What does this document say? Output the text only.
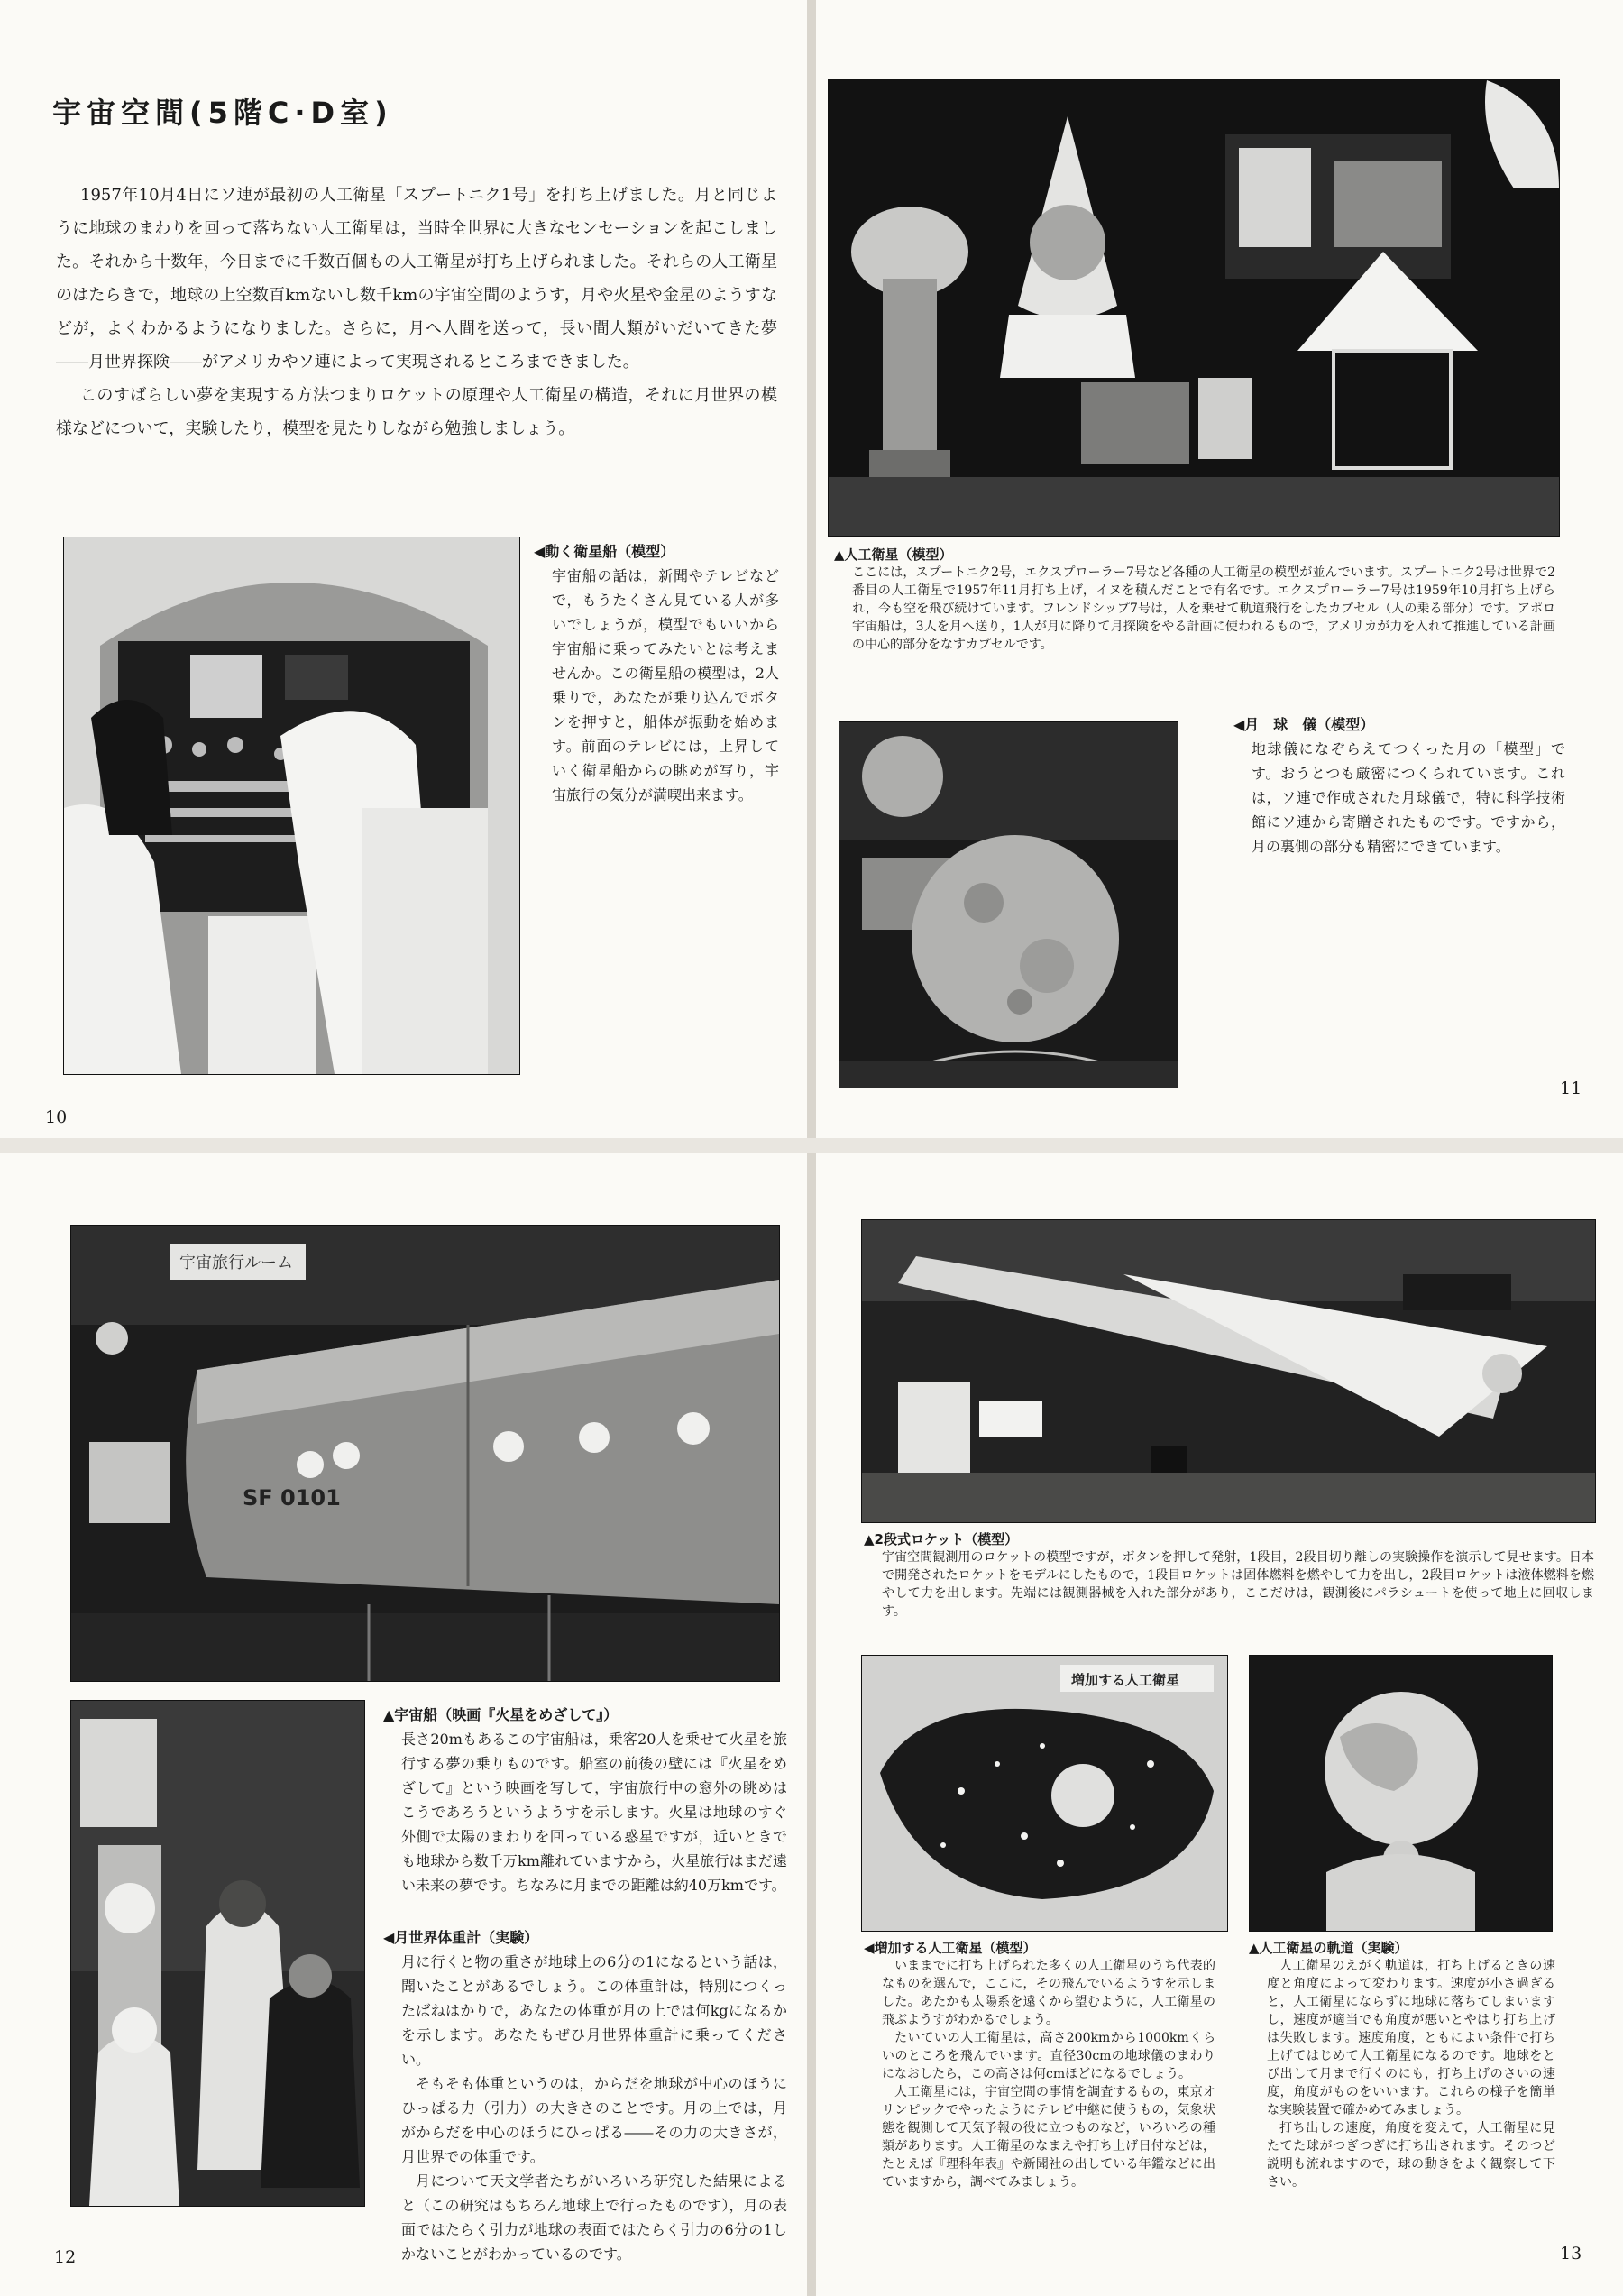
宇宙空間(5階C·D室)

1957年10月4日にソ連が最初の人工衛星「スプートニク1号」を打ち上げました。月と同じように地球のまわりを回って落ちない人工衛星は，当時全世界に大きなセンセーションを起こしました。それから十数年，今日までに千数百個もの人工衛星が打ち上げられました。それらの人工衛星のはたらきで，地球の上空数百kmないし数千kmの宇宙空間のようす，月や火星や金星のようすなどが，よくわかるようになりました。さらに，月へ人間を送って，長い間人類がいだいてきた夢――月世界探険――がアメリカやソ連によって実現されるところまできました。

このすばらしい夢を実現する方法つまりロケットの原理や人工衛星の構造，それに月世界の模様などについて，実験したり，模型を見たりしながら勉強しましょう。

◀動く衛星船（模型）
宇宙船の話は，新聞やテレビなどで，もうたくさん見ている人が多いでしょうが，模型でもいいから宇宙船に乗ってみたいとは考えませんか。この衛星船の模型は，2人乗りで，あなたが乗り込んでボタンを押すと，船体が振動を始めます。前面のテレビには，上昇していく衛星船からの眺めが写り，宇宙旅行の気分が満喫出来ます。
10
▲人工衛星（模型）
ここには，スプートニク2号，エクスプローラー7号など各種の人工衛星の模型が並んでいます。スプートニク2号は世界で2番目の人工衛星で1957年11月打ち上げ，イヌを積んだことで有名です。エクスプローラー7号は1959年10月打ち上げられ，今も空を飛び続けています。フレンドシップ7号は，人を乗せて軌道飛行をしたカプセル（人の乗る部分）です。アポロ宇宙船は，3人を月へ送り，1人が月に降りて月探険をやる計画に使われるもので，アメリカが力を入れて推進している計画の中心的部分をなすカプセルです。
◀月　球　儀（模型）
地球儀になぞらえてつくった月の「模型」です。おうとつも厳密につくられています。これは，ソ連で作成された月球儀で，特に科学技術館にソ連から寄贈されたものです。ですから，月の裏側の部分も精密にできています。
11
宇宙旅行ルーム
SF 0101
▲宇宙船（映画『火星をめざして』）
長さ20mもあるこの宇宙船は，乗客20人を乗せて火星を旅行する夢の乗りものです。船室の前後の壁には『火星をめざして』という映画を写して，宇宙旅行中の窓外の眺めはこうであろうというようすを示します。火星は地球のすぐ外側で太陽のまわりを回っている惑星ですが，近いときでも地球から数千万km離れていますから，火星旅行はまだ遠い未来の夢です。ちなみに月までの距離は約40万kmです。
◀月世界体重計（実験）
月に行くと物の重さが地球上の6分の1になるという話は，聞いたことがあるでしょう。この体重計は，特別につくったばねはかりで，あなたの体重が月の上では何kgになるかを示します。あなたもぜひ月世界体重計に乗ってください。
そもそも体重というのは，からだを地球が中心のほうにひっぱる力（引力）の大きさのことです。月の上では，月がからだを中心のほうにひっぱる――その力の大きさが，月世界での体重です。
月について天文学者たちがいろいろ研究した結果によると（この研究はもちろん地球上で行ったものです），月の表面ではたらく引力が地球の表面ではたらく引力の6分の1しかないことがわかっているのです。
12
▲2段式ロケット（模型）
宇宙空間観測用のロケットの模型ですが，ボタンを押して発射，1段目，2段目切り離しの実験操作を演示して見せます。日本で開発されたロケットをモデルにしたもので，1段目ロケットは固体燃料を燃やして力を出し，2段目ロケットは液体燃料を燃やして力を出します。先端には観測器械を入れた部分があり，ここだけは，観測後にパラシュートを使って地上に回収します。
増加する人工衛星
◀増加する人工衛星（模型）
いままでに打ち上げられた多くの人工衛星のうち代表的なものを選んで，ここに，その飛んでいるようすを示しました。あたかも太陽系を遠くから望むように，人工衛星の飛ぶようすがわかるでしょう。
たいていの人工衛星は，高さ200kmから1000kmくらいのところを飛んでいます。直径30cmの地球儀のまわりになおしたら，この高さは何cmほどになるでしょう。
人工衛星には，宇宙空間の事情を調査するもの，東京オリンピックでやったようにテレビ中継に使うもの，気象状態を観測して天気予報の役に立つものなど，いろいろの種類があります。人工衛星のなまえや打ち上げ日付などは，たとえば『理科年表』や新聞社の出している年鑑などに出ていますから，調べてみましょう。
▲人工衛星の軌道（実験）
人工衛星のえがく軌道は，打ち上げるときの速度と角度によって変わります。速度が小さ過ぎると，人工衛星にならずに地球に落ちてしまいますし，速度が適当でも角度が悪いとやはり打ち上げは失敗します。速度角度，ともによい条件で打ち上げてはじめて人工衛星になるのです。地球をとび出して月まで行くのにも，打ち上げのさいの速度，角度がものをいいます。これらの様子を簡単な実験装置で確かめてみましょう。
打ち出しの速度，角度を変えて，人工衛星に見たてた球がつぎつぎに打ち出されます。そのつど説明も流れますので，球の動きをよく観察して下さい。
13
